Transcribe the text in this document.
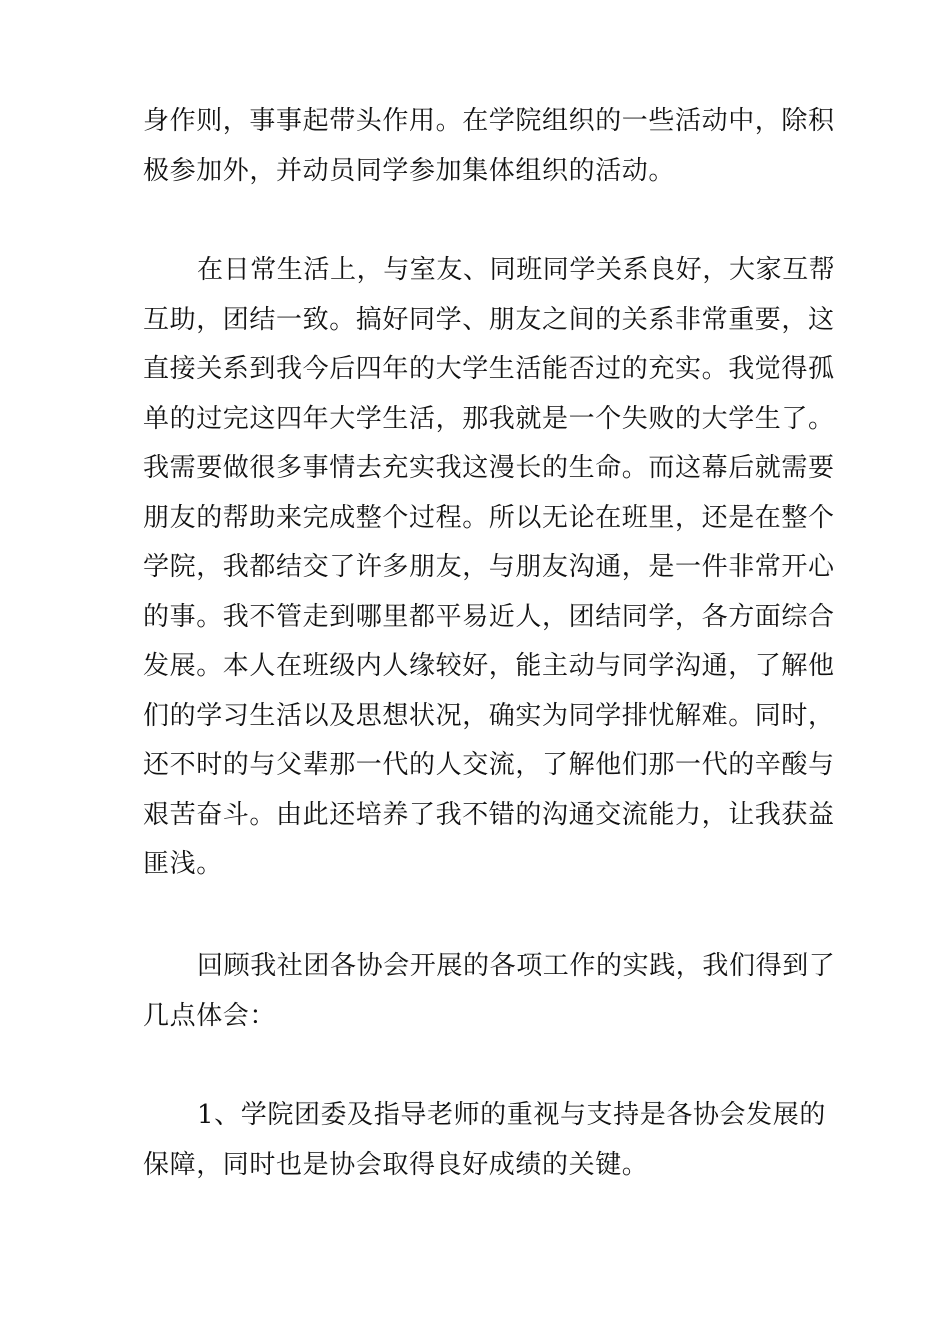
身作则，事事起带头作用。在学院组织的一些活动中，除积
极参加外，并动员同学参加集体组织的活动。

在日常生活上，与室友、同班同学关系良好，大家互帮
互助，团结一致。搞好同学、朋友之间的关系非常重要，这
直接关系到我今后四年的大学生活能否过的充实。我觉得孤
单的过完这四年大学生活，那我就是一个失败的大学生了。
我需要做很多事情去充实我这漫长的生命。而这幕后就需要
朋友的帮助来完成整个过程。所以无论在班里，还是在整个
学院，我都结交了许多朋友，与朋友沟通，是一件非常开心
的事。我不管走到哪里都平易近人，团结同学，各方面综合
发展。本人在班级内人缘较好，能主动与同学沟通，了解他
们的学习生活以及思想状况，确实为同学排忧解难。同时，
还不时的与父辈那一代的人交流，了解他们那一代的辛酸与
艰苦奋斗。由此还培养了我不错的沟通交流能力，让我获益
匪浅。

回顾我社团各协会开展的各项工作的实践，我们得到了
几点体会：

1、学院团委及指导老师的重视与支持是各协会发展的
保障，同时也是协会取得良好成绩的关键。
